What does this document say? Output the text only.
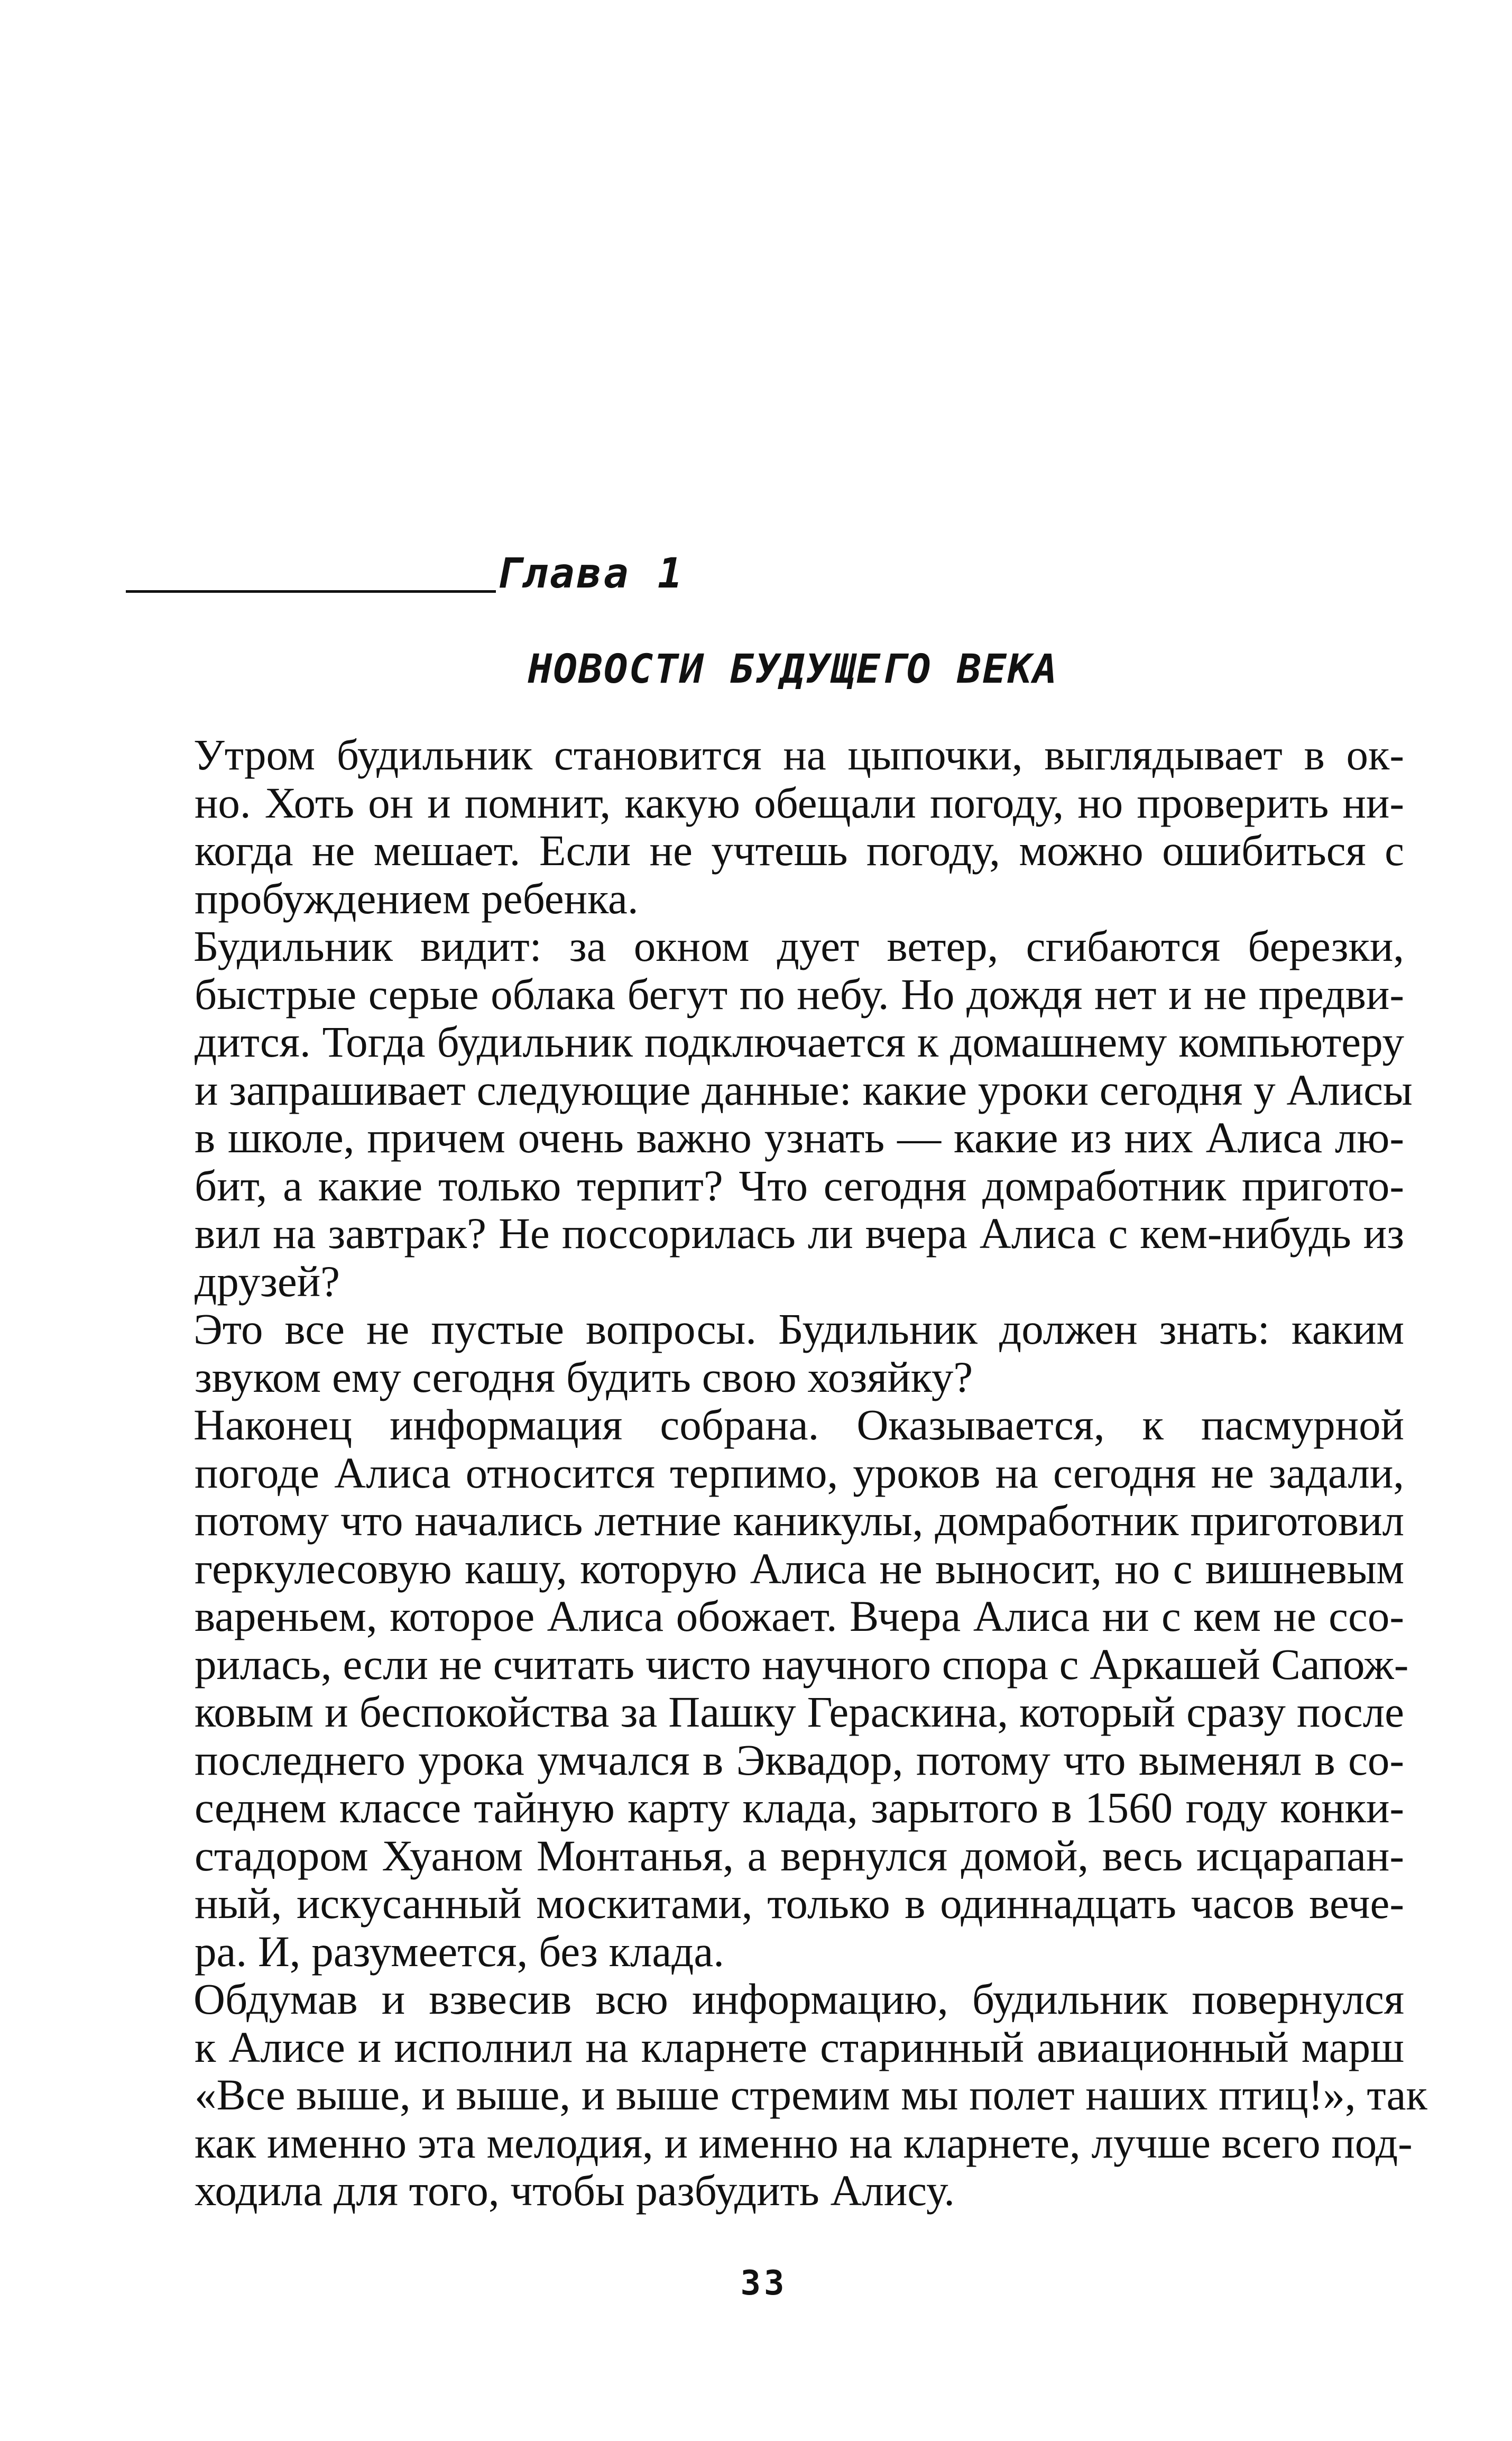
Глава 1
НОВОСТИ БУДУЩЕГО ВЕКА

Утром будильник становится на цыпочки, выглядывает в ок-
но. Хоть он и помнит, какую обещали погоду, но проверить ни-
когда не мешает. Если не учтешь погоду, можно ошибиться с
пробуждением ребенка.

Будильник видит: за окном дует ветер, сгибаются березки,
быстрые серые облака бегут по небу. Но дождя нет и не предви-
дится. Тогда будильник подключается к домашнему компьютеру
и запрашивает следующие данные: какие уроки сегодня у Алисы
в школе, причем очень важно узнать — какие из них Алиса лю-
бит, а какие только терпит? Что сегодня домработник пригото-
вил на завтрак? Не поссорилась ли вчера Алиса с кем-нибудь из
друзей?

Это все не пустые вопросы. Будильник должен знать: каким
звуком ему сегодня будить свою хозяйку?

Наконец информация собрана. Оказывается, к пасмурной
погоде Алиса относится терпимо, уроков на сегодня не задали,
потому что начались летние каникулы, домработник приготовил
геркулесовую кашу, которую Алиса не выносит, но с вишневым
вареньем, которое Алиса обожает. Вчера Алиса ни с кем не ссо-
рилась, если не считать чисто научного спора с Аркашей Сапож-
ковым и беспокойства за Пашку Гераскина, который сразу после
последнего урока умчался в Эквадор, потому что выменял в со-
седнем классе тайную карту клада, зарытого в 1560 году конки-
стадором Хуаном Монтанья, а вернулся домой, весь исцарапан-
ный, искусанный москитами, только в одиннадцать часов вече-
ра. И, разумеется, без клада.

Обдумав и взвесив всю информацию, будильник повернулся
к Алисе и исполнил на кларнете старинный авиационный марш
«Все выше, и выше, и выше стремим мы полет наших птиц!», так
как именно эта мелодия, и именно на кларнете, лучше всего под-
ходила для того, чтобы разбудить Алису.

33
